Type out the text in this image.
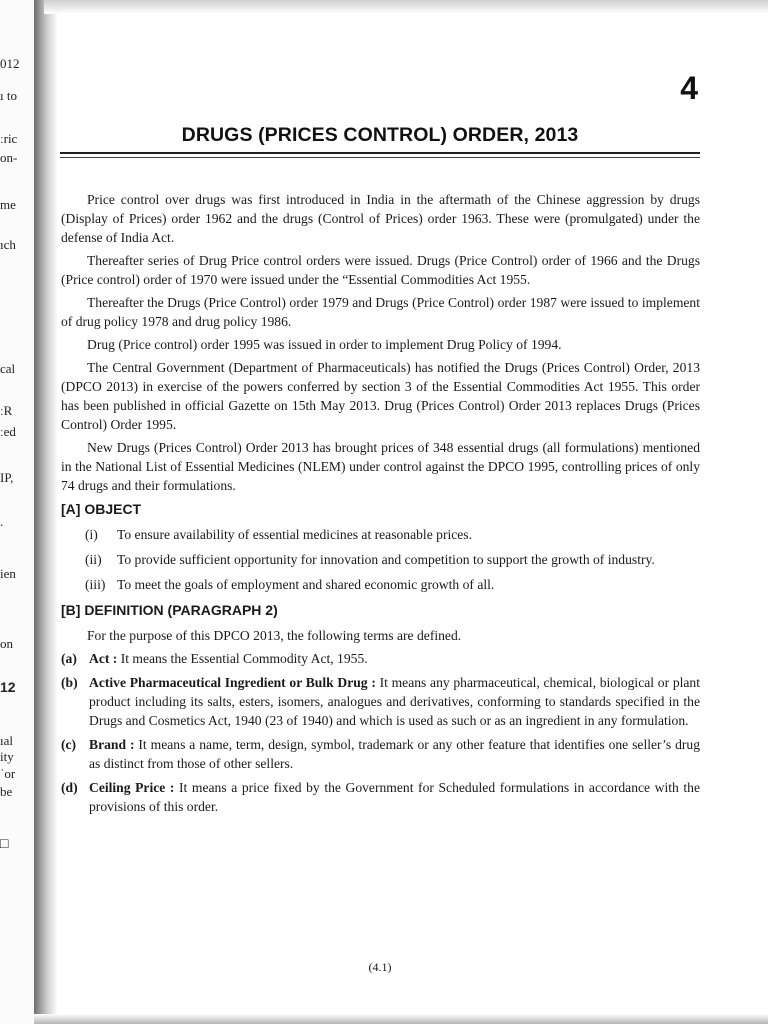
012
ı to
ːric
on-
me
ıch
cal
ːR
ːed
IP,
.
ien
on
12
ıal
ity
ˈor
be
□
4
DRUGS (PRICES CONTROL) ORDER, 2013

Price control over drugs was first introduced in India in the aftermath of the Chinese aggression by drugs (Display of Prices) order 1962 and the drugs (Control of Prices) order 1963. These were (promulgated) under the defense of India Act.

Thereafter series of Drug Price control orders were issued. Drugs (Price Control) order of 1966 and the Drugs (Price control) order of 1970 were issued under the “Essential Commodities Act 1955.

Thereafter the Drugs (Price Control) order 1979 and Drugs (Price Control) order 1987 were issued to implement of drug policy 1978 and drug policy 1986.

Drug (Price control) order 1995 was issued in order to implement Drug Policy of 1994.

The Central Government (Department of Pharmaceuticals) has notified the Drugs (Prices Control) Order, 2013 (DPCO 2013) in exercise of the powers conferred by section 3 of the Essential Commodities Act 1955. This order has been published in official Gazette on 15th May 2013. Drug (Prices Control) Order 2013 replaces Drugs (Prices Control) Order 1995.

New Drugs (Prices Control) Order 2013 has brought prices of 348 essential drugs (all formulations) mentioned in the National List of Essential Medicines (NLEM) under control against the DPCO 1995, controlling prices of only 74 drugs and their formulations.

[A] OBJECT
(i)	To ensure availability of essential medicines at reasonable prices.
(ii)	To provide sufficient opportunity for innovation and competition to support the growth of industry.
(iii) To meet the goals of employment and shared economic growth of all.
[B] DEFINITION (PARAGRAPH 2)

For the purpose of this DPCO 2013, the following terms are defined.

(a) Act : It means the Essential Commodity Act, 1955.
(b) Active Pharmaceutical Ingredient or Bulk Drug : It means any pharmaceutical, chemical, biological or plant product including its salts, esters, isomers, analogues and derivatives, conforming to standards specified in the Drugs and Cosmetics Act, 1940 (23 of 1940) and which is used as such or as an ingredient in any formulation.
(c) Brand : It means a name, term, design, symbol, trademark or any other feature that identifies one seller’s drug as distinct from those of other sellers.
(d) Ceiling Price : It means a price fixed by the Government for Scheduled formulations in accordance with the provisions of this order.
(4.1)
